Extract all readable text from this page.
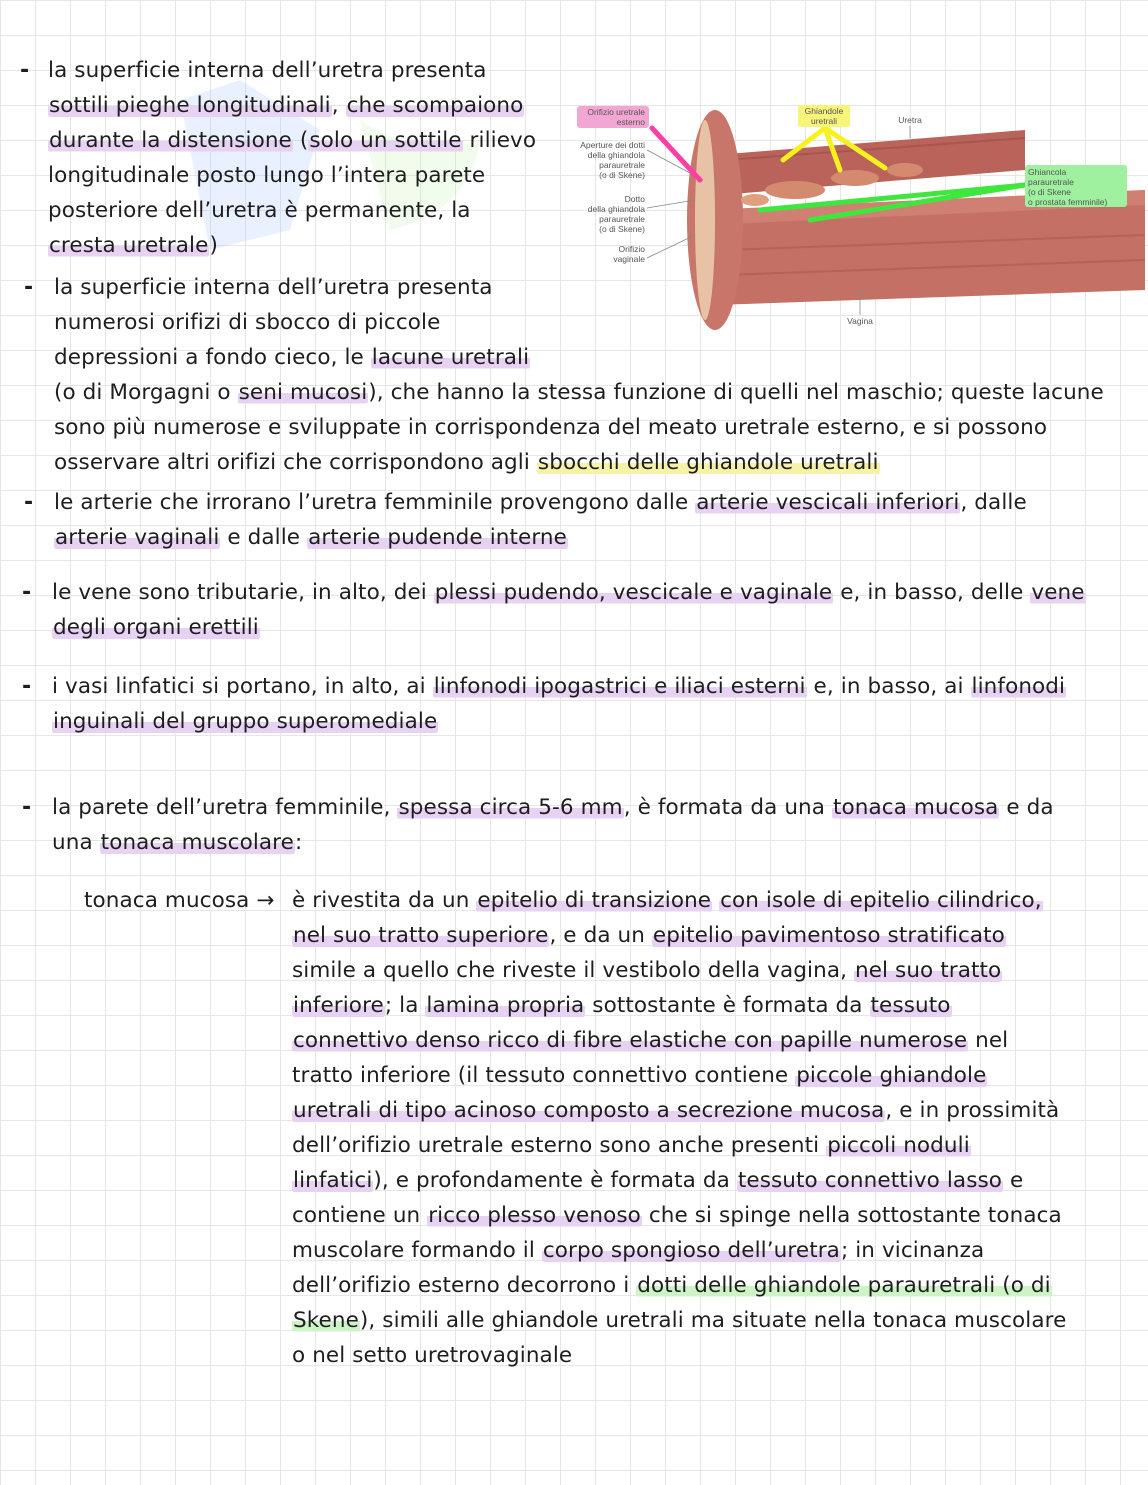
Orifizio uretrale
esterno
Aperture dei dotti
della ghiandola
parauretrale
(o di Skene)
Dotto
della ghiandola
parauretrale
(o di Skene)
Orifizio
vaginale
Ghiandole
uretrali	Uretra
Vagina
Ghiancola
parauretrale
(o di Skene
o prostata femminile)
- la superficie interna dell’uretra presenta
sottili pieghe longitudinali, che scompaiono
durante la distensione (solo un sottile rilievo
longitudinale posto lungo l’intera parete
posteriore dell’uretra è permanente, la
cresta uretrale)
- la superficie interna dell’uretra presenta
numerosi orifizi di sbocco di piccole
depressioni a fondo cieco, le lacune uretrali
(o di Morgagni o seni mucosi), che hanno la stessa funzione di quelli nel maschio; queste lacune
sono più numerose e sviluppate in corrispondenza del meato uretrale esterno, e si possono
osservare altri orifizi che corrispondono agli sbocchi delle ghiandole uretrali
- le arterie che irrorano l’uretra femminile provengono dalle arterie vescicali inferiori, dalle
arterie vaginali e dalle arterie pudende interne
- le vene sono tributarie, in alto, dei plessi pudendo, vescicale e vaginale e, in basso, delle vene
degli organi erettili
- i vasi linfatici si portano, in alto, ai linfonodi ipogastrici e iliaci esterni e, in basso, ai linfonodi
inguinali del gruppo superomediale
- la parete dell’uretra femminile, spessa circa 5-6 mm, è formata da una tonaca mucosa e da
una tonaca muscolare:
tonaca mucosa → è rivestita da un epitelio di transizione con isole di epitelio cilindrico,
nel suo tratto superiore, e da un epitelio pavimentoso stratificato
simile a quello che riveste il vestibolo della vagina, nel suo tratto
inferiore; la lamina propria sottostante è formata da tessuto
connettivo denso ricco di fibre elastiche con papille numerose nel
tratto inferiore (il tessuto connettivo contiene piccole ghiandole
uretrali di tipo acinoso composto a secrezione mucosa, e in prossimità
dell’orifizio uretrale esterno sono anche presenti piccoli noduli
linfatici), e profondamente è formata da tessuto connettivo lasso e
contiene un ricco plesso venoso che si spinge nella sottostante tonaca
muscolare formando il corpo spongioso dell’uretra; in vicinanza
dell’orifizio esterno decorrono i dotti delle ghiandole parauretrali (o di
Skene), simili alle ghiandole uretrali ma situate nella tonaca muscolare
o nel setto uretrovaginale
